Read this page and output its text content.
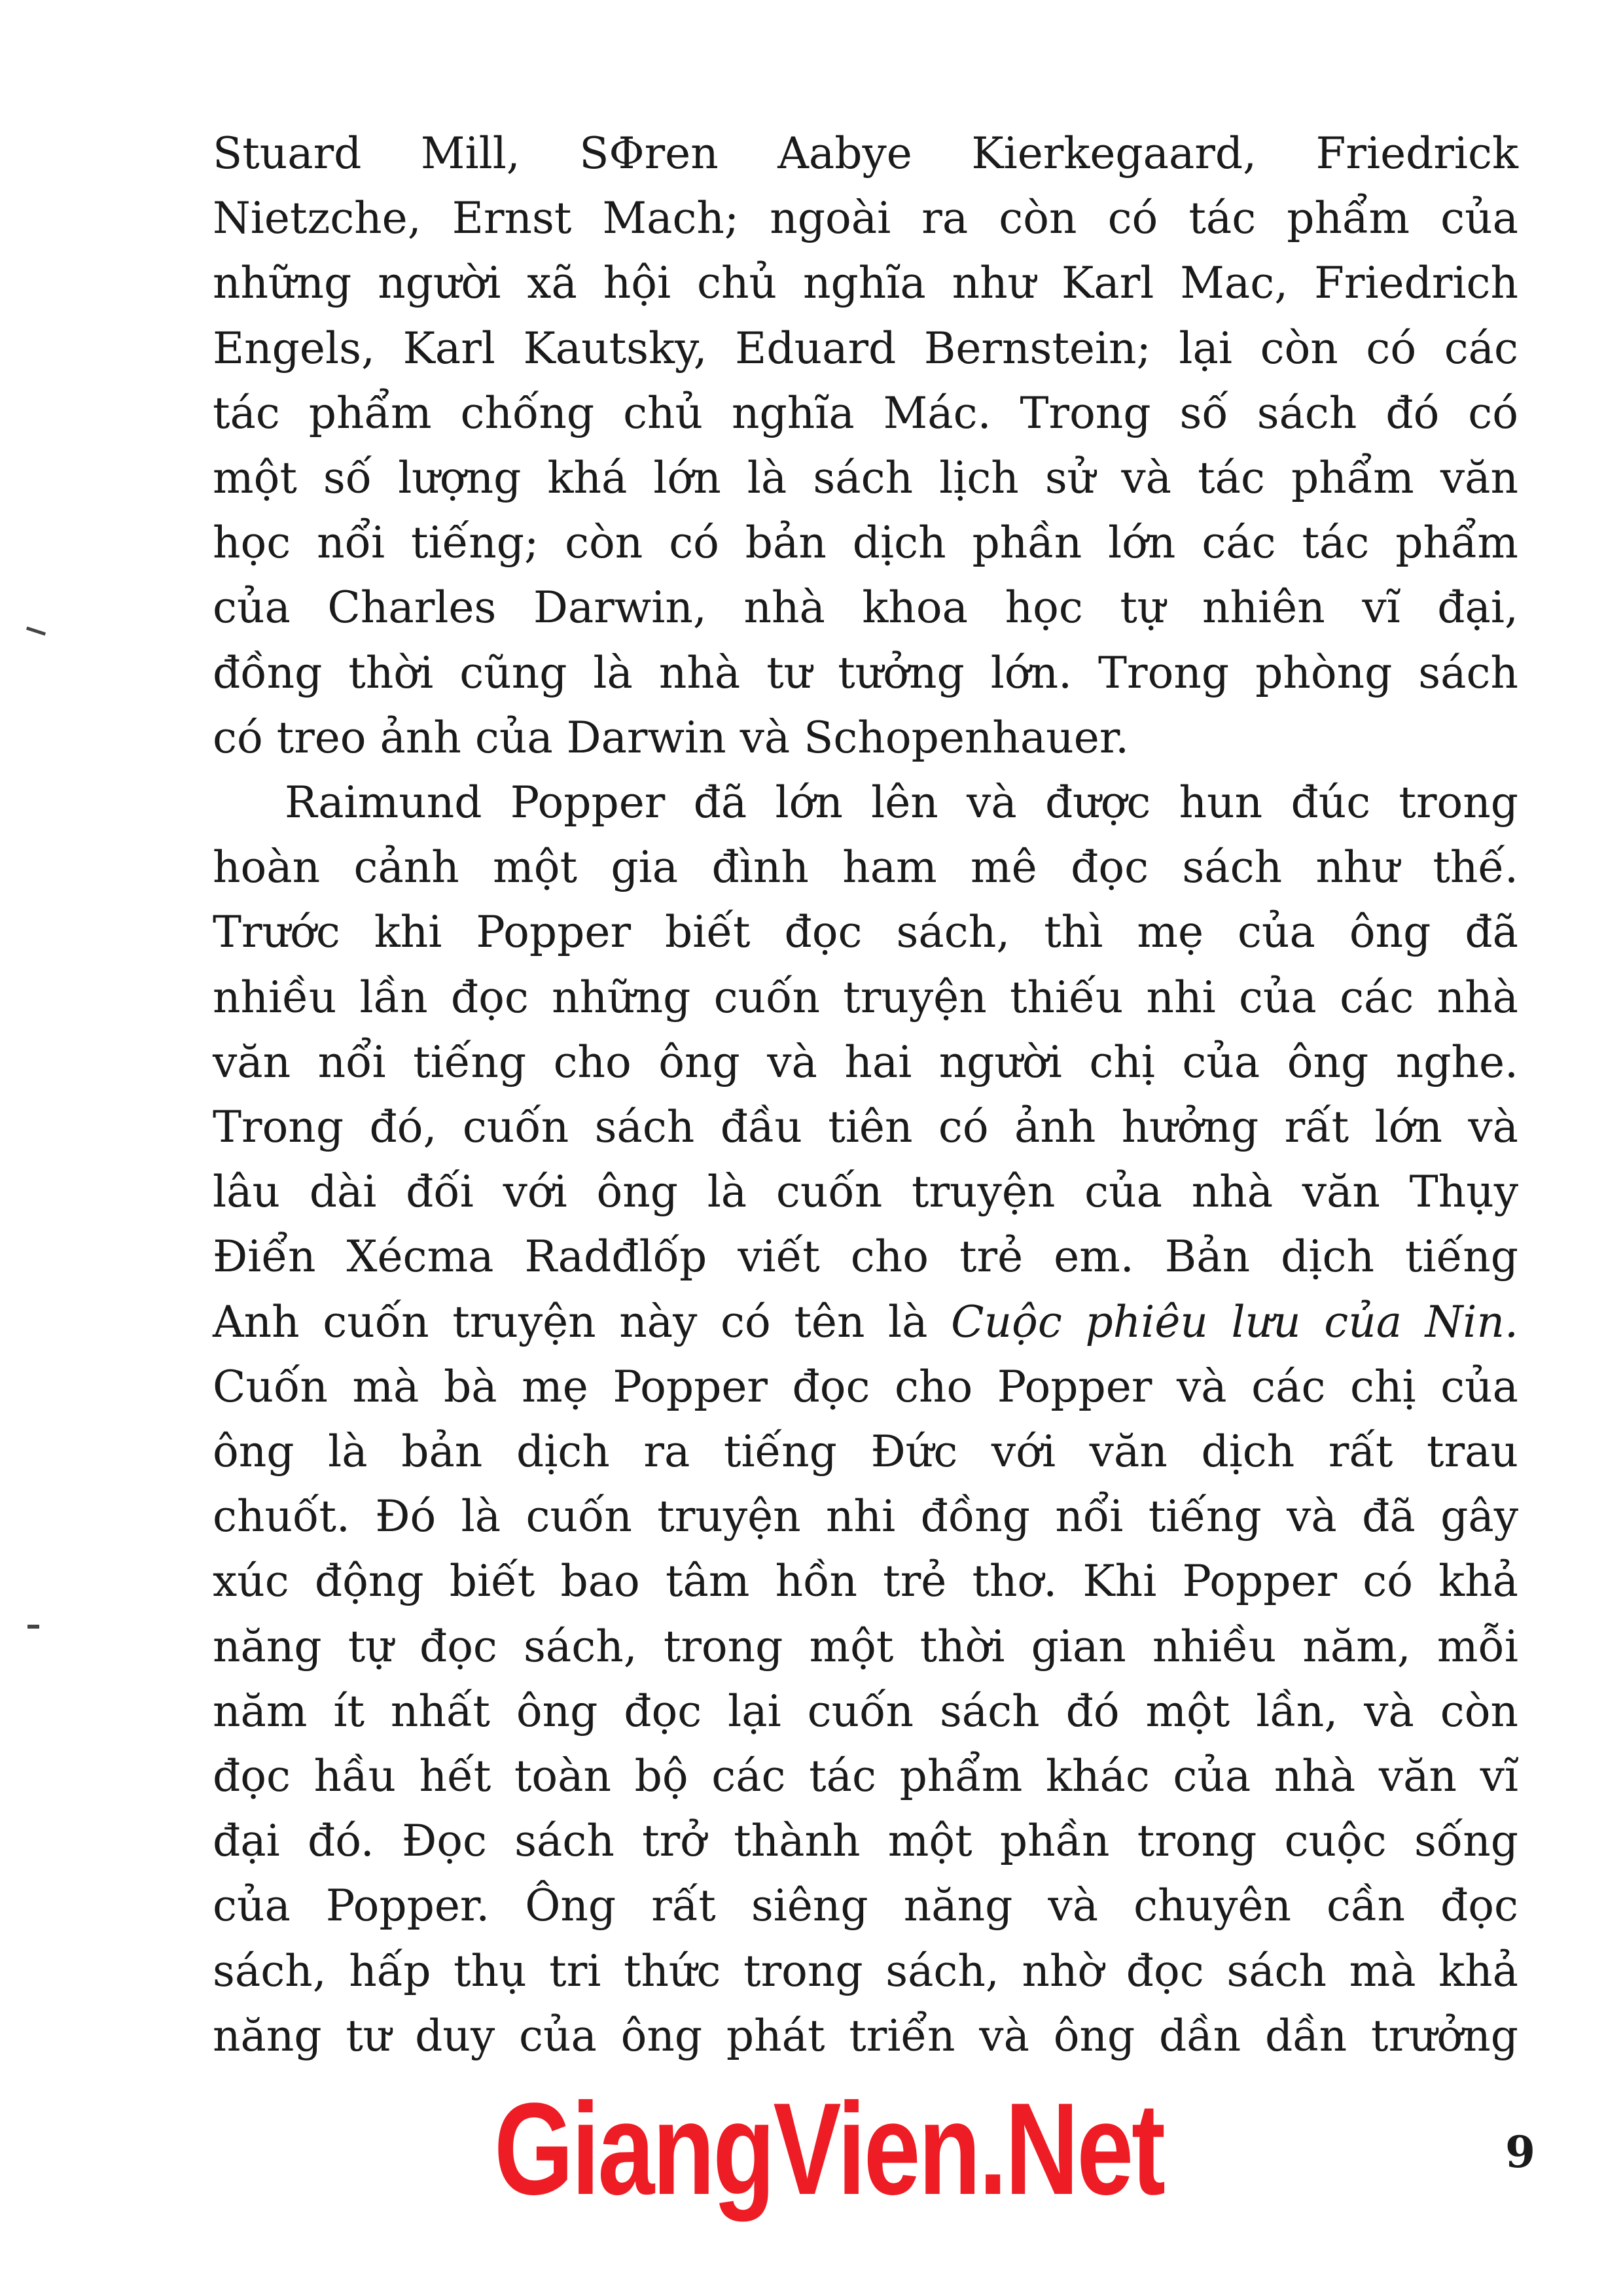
Stuard Mill, SΦren Aabye Kierkegaard, Friedrick
Nietzche, Ernst Mach; ngoài ra còn có tác phẩm của
những người xã hội chủ nghĩa như Karl Mac, Friedrich
Engels, Karl Kautsky, Eduard Bernstein; lại còn có các
tác phẩm chống chủ nghĩa Mác. Trong số sách đó có
một số lượng khá lớn là sách lịch sử và tác phẩm văn
học nổi tiếng; còn có bản dịch phần lớn các tác phẩm
của Charles Darwin, nhà khoa học tự nhiên vĩ đại,
đồng thời cũng là nhà tư tưởng lớn. Trong phòng sách
có treo ảnh của Darwin và Schopenhauer.
Raimund Popper đã lớn lên và được hun đúc trong
hoàn cảnh một gia đình ham mê đọc sách như thế.
Trước khi Popper biết đọc sách, thì mẹ của ông đã
nhiều lần đọc những cuốn truyện thiếu nhi của các nhà
văn nổi tiếng cho ông và hai người chị của ông nghe.
Trong đó, cuốn sách đầu tiên có ảnh hưởng rất lớn và
lâu dài đối với ông là cuốn truyện của nhà văn Thụy
Điển Xécma Radđlốp viết cho trẻ em. Bản dịch tiếng
Anh cuốn truyện này có tên là Cuộc phiêu lưu của Nin.
Cuốn mà bà mẹ Popper đọc cho Popper và các chị của
ông là bản dịch ra tiếng Đức với văn dịch rất trau
chuốt. Đó là cuốn truyện nhi đồng nổi tiếng và đã gây
xúc động biết bao tâm hồn trẻ thơ. Khi Popper có khả
năng tự đọc sách, trong một thời gian nhiều năm, mỗi
năm ít nhất ông đọc lại cuốn sách đó một lần, và còn
đọc hầu hết toàn bộ các tác phẩm khác của nhà văn vĩ
đại đó. Đọc sách trở thành một phần trong cuộc sống
của Popper. Ông rất siêng năng và chuyên cần đọc
sách, hấp thụ tri thức trong sách, nhờ đọc sách mà khả
năng tư duy của ông phát triển và ông dần dần trưởng
GiangVien.Net	9
